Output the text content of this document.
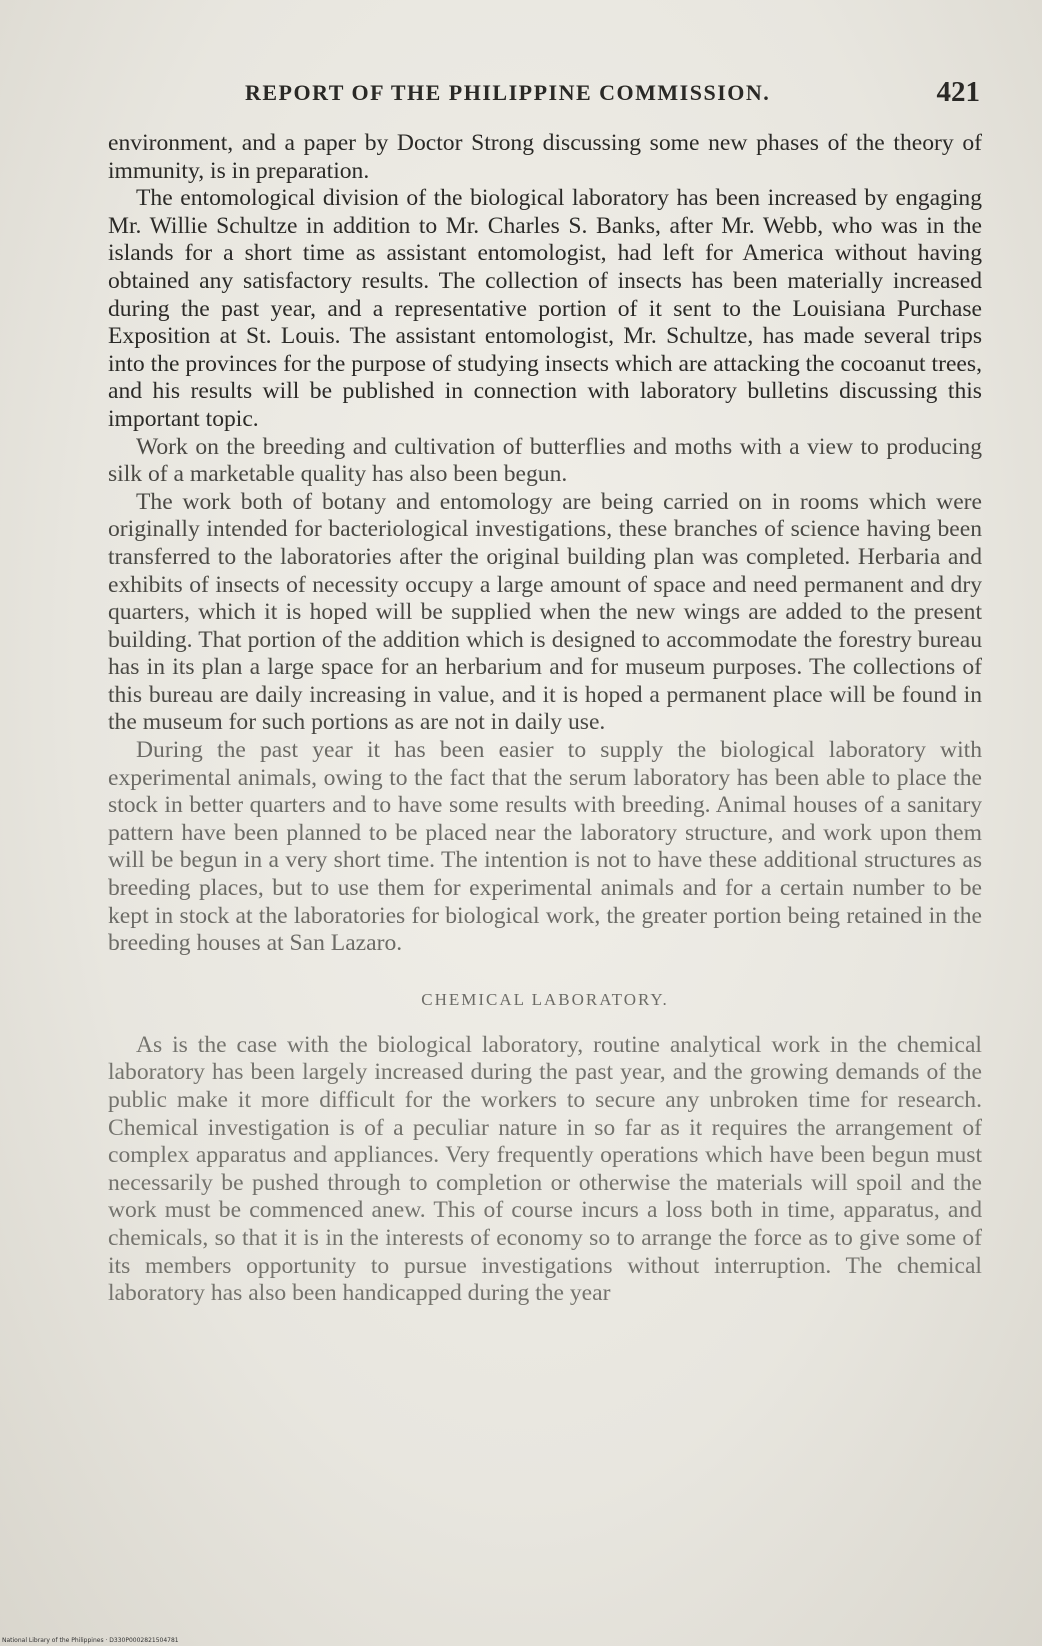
REPORT OF THE PHILIPPINE COMMISSION.	421

environment, and a paper by Doctor Strong discussing some new phases of the theory of immunity, is in preparation.

The entomological division of the biological laboratory has been increased by engaging Mr. Willie Schultze in addition to Mr. Charles S. Banks, after Mr. Webb, who was in the islands for a short time as assistant entomologist, had left for America without having obtained any satisfactory results. The collection of insects has been materially increased during the past year, and a representative portion of it sent to the Louisiana Purchase Exposition at St. Louis. The assistant entomologist, Mr. Schultze, has made several trips into the provinces for the purpose of studying insects which are attacking the cocoanut trees, and his results will be published in connection with laboratory bulletins discussing this important topic.

Work on the breeding and cultivation of butterflies and moths with a view to producing silk of a marketable quality has also been begun.

The work both of botany and entomology are being carried on in rooms which were originally intended for bacteriological investigations, these branches of science having been transferred to the laboratories after the original building plan was completed. Herbaria and exhibits of insects of necessity occupy a large amount of space and need permanent and dry quarters, which it is hoped will be supplied when the new wings are added to the present building. That portion of the addition which is designed to accommodate the forestry bureau has in its plan a large space for an herbarium and for museum purposes. The collections of this bureau are daily increasing in value, and it is hoped a permanent place will be found in the museum for such portions as are not in daily use.

During the past year it has been easier to supply the biological laboratory with experimental animals, owing to the fact that the serum laboratory has been able to place the stock in better quarters and to have some results with breeding. Animal houses of a sanitary pattern have been planned to be placed near the laboratory structure, and work upon them will be begun in a very short time. The intention is not to have these additional structures as breeding places, but to use them for experimental animals and for a certain number to be kept in stock at the laboratories for biological work, the greater portion being retained in the breeding houses at San Lazaro.

CHEMICAL LABORATORY.

As is the case with the biological laboratory, routine analytical work in the chemical laboratory has been largely increased during the past year, and the growing demands of the public make it more difficult for the workers to secure any unbroken time for research. Chemical investigation is of a peculiar nature in so far as it requires the arrangement of complex apparatus and appliances. Very frequently operations which have been begun must necessarily be pushed through to completion or otherwise the materials will spoil and the work must be commenced anew. This of course incurs a loss both in time, apparatus, and chemicals, so that it is in the interests of economy so to arrange the force as to give some of its members opportunity to pursue investigations without interruption. The chemical laboratory has also been handicapped during the year

National Library of the Philippines · D330P0002821504781
